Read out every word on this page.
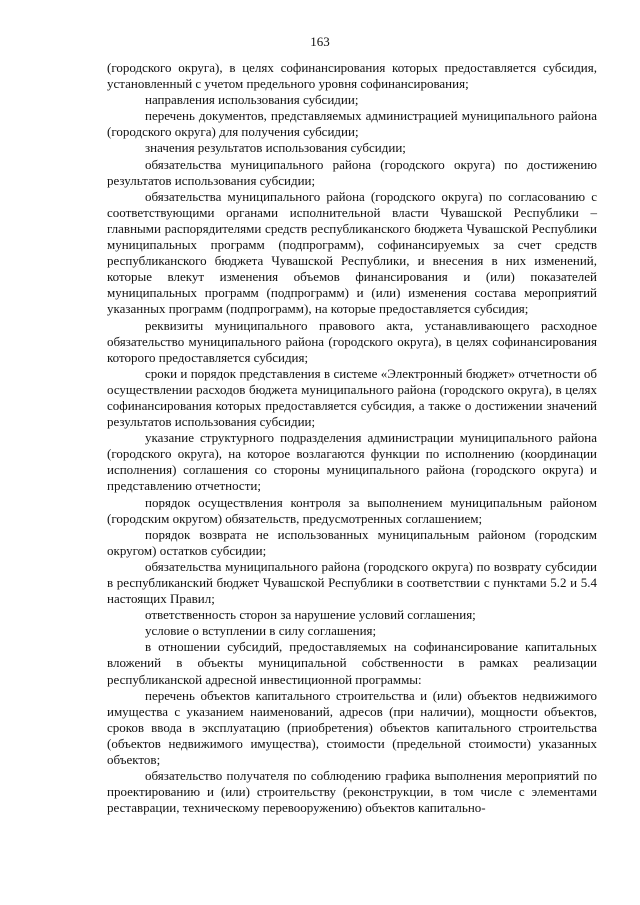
163

(городского округа), в целях софинансирования которых предоставляется субсидия, установленный с учетом предельного уровня софинансирования;

направления использования субсидии;

перечень документов, представляемых администрацией муниципального района (городского округа) для получения субсидии;

значения результатов использования субсидии;

обязательства муниципального района (городского округа) по достижению результатов использования субсидии;

обязательства муниципального района (городского округа) по согласованию с соответствующими органами исполнительной власти Чувашской Республики – главными распорядителями средств республиканского бюджета Чувашской Республики муниципальных программ (подпрограмм), софинансируемых за счет средств республиканского бюджета Чувашской Республики, и внесения в них изменений, которые влекут изменения объемов финансирования и (или) показателей муниципальных программ (подпрограмм) и (или) изменения состава мероприятий указанных программ (подпрограмм), на которые предоставляется субсидия;

реквизиты муниципального правового акта, устанавливающего расходное обязательство муниципального района (городского округа), в целях софинансирования которого предоставляется субсидия;

сроки и порядок представления в системе «Электронный бюджет» отчетности об осуществлении расходов бюджета муниципального района (городского округа), в целях софинансирования которых предоставляется субсидия, а также о достижении значений результатов использования субсидии;

указание структурного подразделения администрации муниципального района (городского округа), на которое возлагаются функции по исполнению (координации исполнения) соглашения со стороны муниципального района (городского округа) и представлению отчетности;

порядок осуществления контроля за выполнением муниципальным районом (городским округом) обязательств, предусмотренных соглашением;

порядок возврата не использованных муниципальным районом (городским округом) остатков субсидии;

обязательства муниципального района (городского округа) по возврату субсидии в республиканский бюджет Чувашской Республики в соответствии с пунктами 5.2 и 5.4 настоящих Правил;

ответственность сторон за нарушение условий соглашения;

условие о вступлении в силу соглашения;

в отношении субсидий, предоставляемых на софинансирование капитальных вложений в объекты муниципальной собственности в рамках реализации республиканской адресной инвестиционной программы:

перечень объектов капитального строительства и (или) объектов недвижимого имущества с указанием наименований, адресов (при наличии), мощности объектов, сроков ввода в эксплуатацию (приобретения) объектов капитального строительства (объектов недвижимого имущества), стоимости (предельной стоимости) указанных объектов;

обязательство получателя по соблюдению графика выполнения мероприятий по проектированию и (или) строительству (реконструкции, в том числе с элементами реставрации, техническому перевооружению) объектов капитально-
